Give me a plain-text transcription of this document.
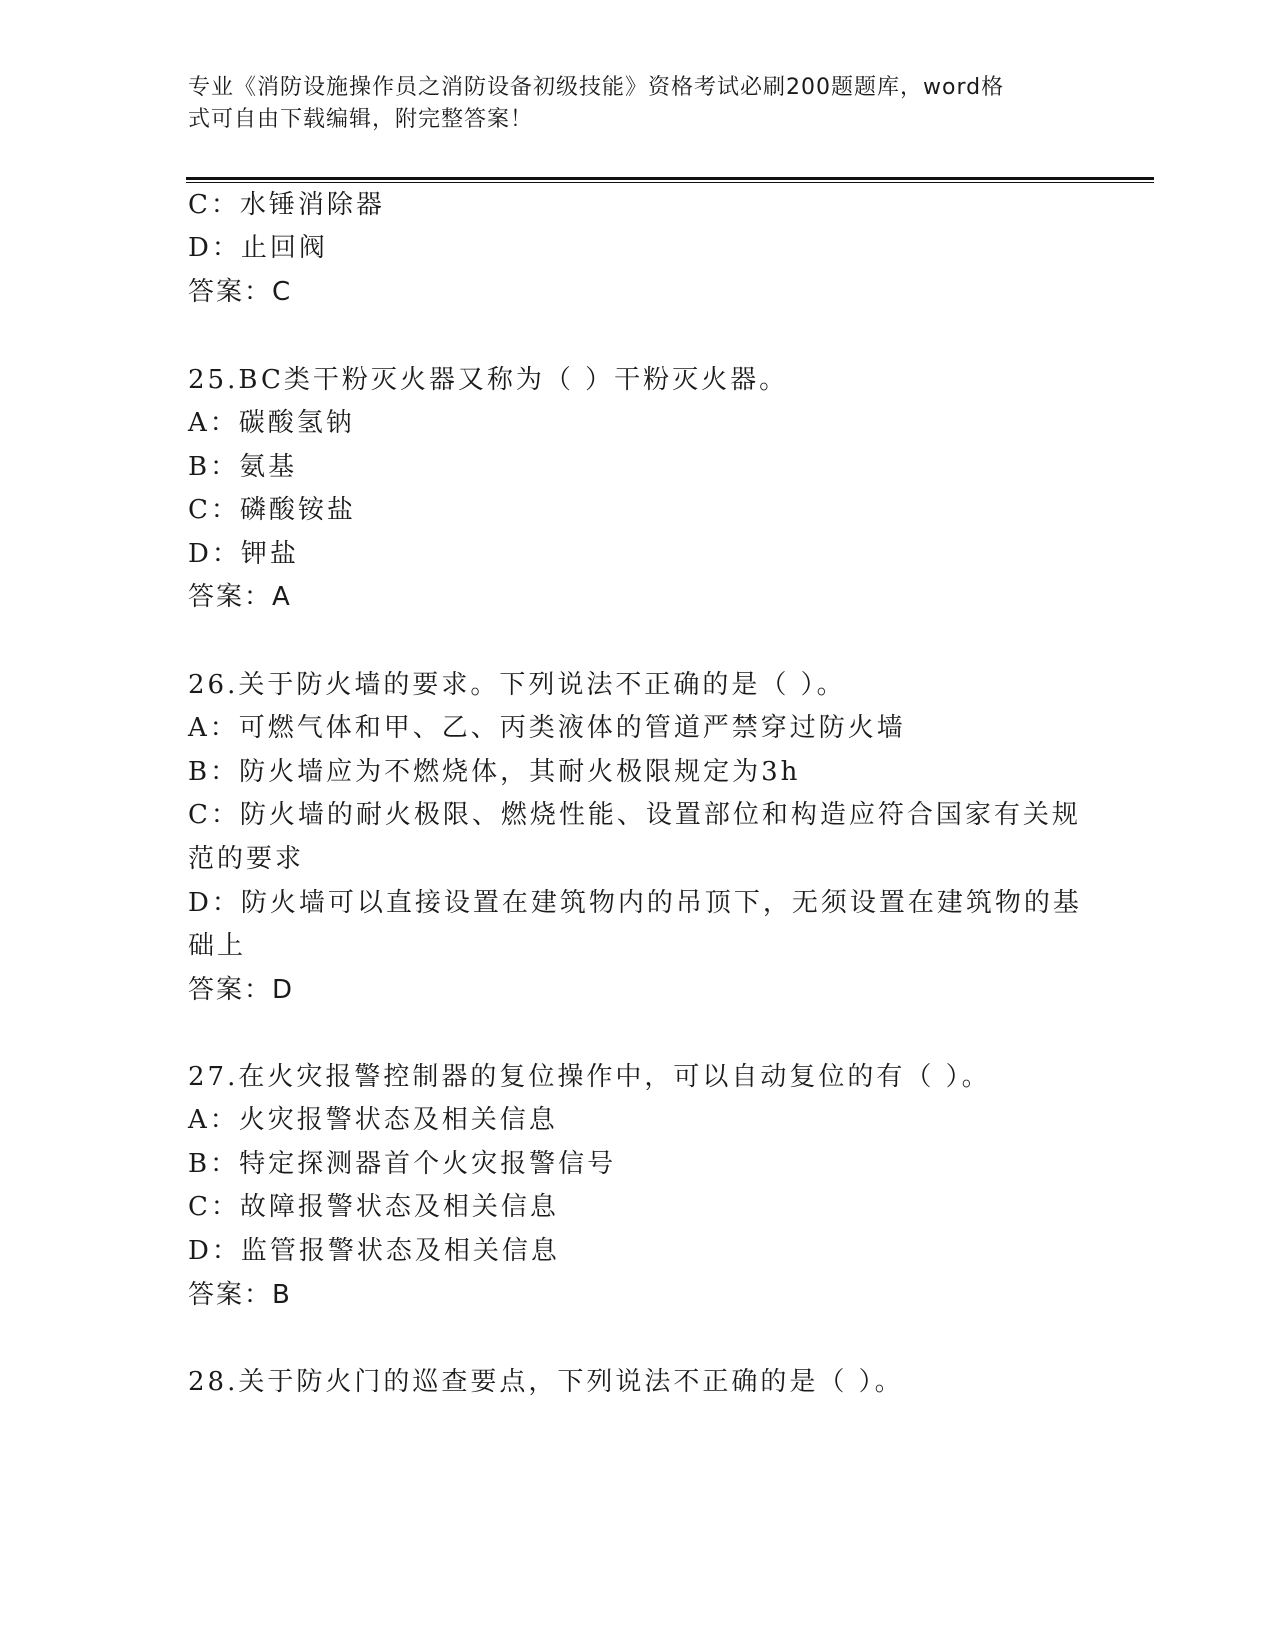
专业《消防设施操作员之消防设备初级技能》资格考试必刷200题题库，word格
式可自由下载编辑，附完整答案！
C：水锤消除器
D：止回阀
答案：C
25.BC类干粉灭火器又称为（ ）干粉灭火器。
A：碳酸氢钠
B：氨基
C：磷酸铵盐
D：钾盐
答案：A
26.关于防火墙的要求。下列说法不正确的是（ ）。
A：可燃气体和甲、乙、丙类液体的管道严禁穿过防火墙
B：防火墙应为不燃烧体，其耐火极限规定为3h
C：防火墙的耐火极限、燃烧性能、设置部位和构造应符合国家有关规
范的要求
D：防火墙可以直接设置在建筑物内的吊顶下，无须设置在建筑物的基
础上
答案：D
27.在火灾报警控制器的复位操作中，可以自动复位的有（ ）。
A：火灾报警状态及相关信息
B：特定探测器首个火灾报警信号
C：故障报警状态及相关信息
D：监管报警状态及相关信息
答案：B
28.关于防火门的巡查要点，下列说法不正确的是（ ）。
